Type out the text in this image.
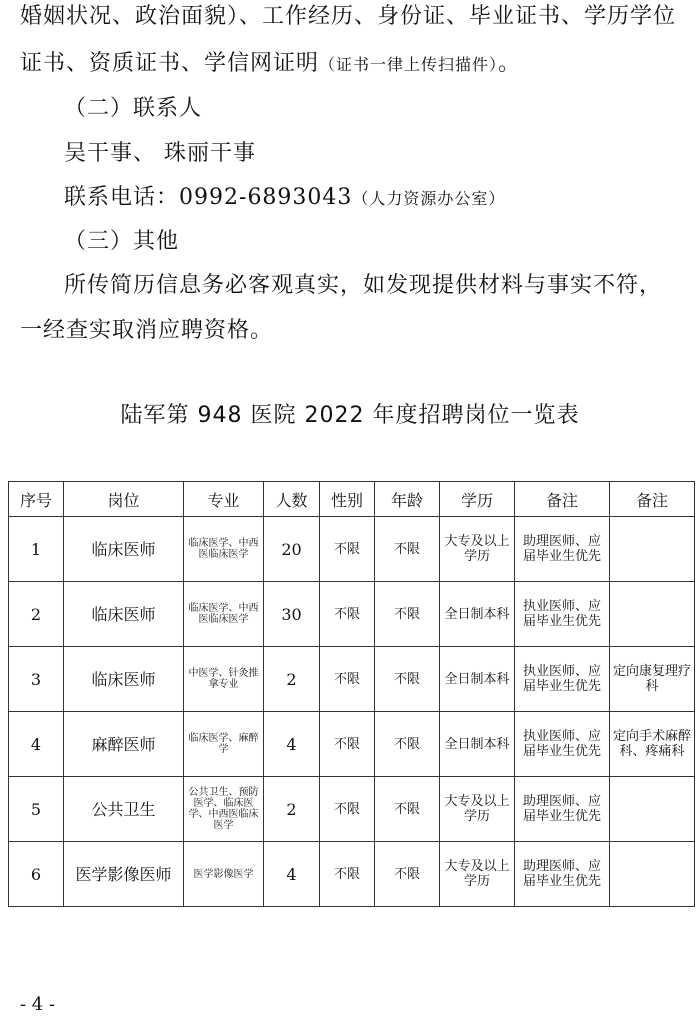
婚姻状况、政治面貌）、工作经历、身份证、毕业证书、学历学位
证书、资质证书、学信网证明（证书一律上传扫描件）。
（二）联系人
吴干事、 珠丽干事
联系电话：0992-6893043（人力资源办公室）
（三）其他
所传简历信息务必客观真实，如发现提供材料与事实不符，
一经查实取消应聘资格。
陆军第 948 医院 2022 年度招聘岗位一览表
序号	岗位	专业	人数	性别	年龄	学历	备注	备注
1	临床医师	临床医学、中西医临床医学	20	不限	不限	大专及以上学历	助理医师、应届毕业生优先	
2	临床医师	临床医学、中西医临床医学	30	不限	不限	全日制本科	执业医师、应届毕业生优先	
3	临床医师	中医学、针灸推拿专业	2	不限	不限	全日制本科	执业医师、应届毕业生优先	定向康复理疗科
4	麻醉医师	临床医学、麻醉学	4	不限	不限	全日制本科	执业医师、应届毕业生优先	定向手术麻醉科、疼痛科
5	公共卫生	公共卫生、预防医学、临床医学、中西医临床医学	2	不限	不限	大专及以上学历	助理医师、应届毕业生优先	
6	医学影像医师	医学影像医学	4	不限	不限	大专及以上学历	助理医师、应届毕业生优先	
- 4 -
